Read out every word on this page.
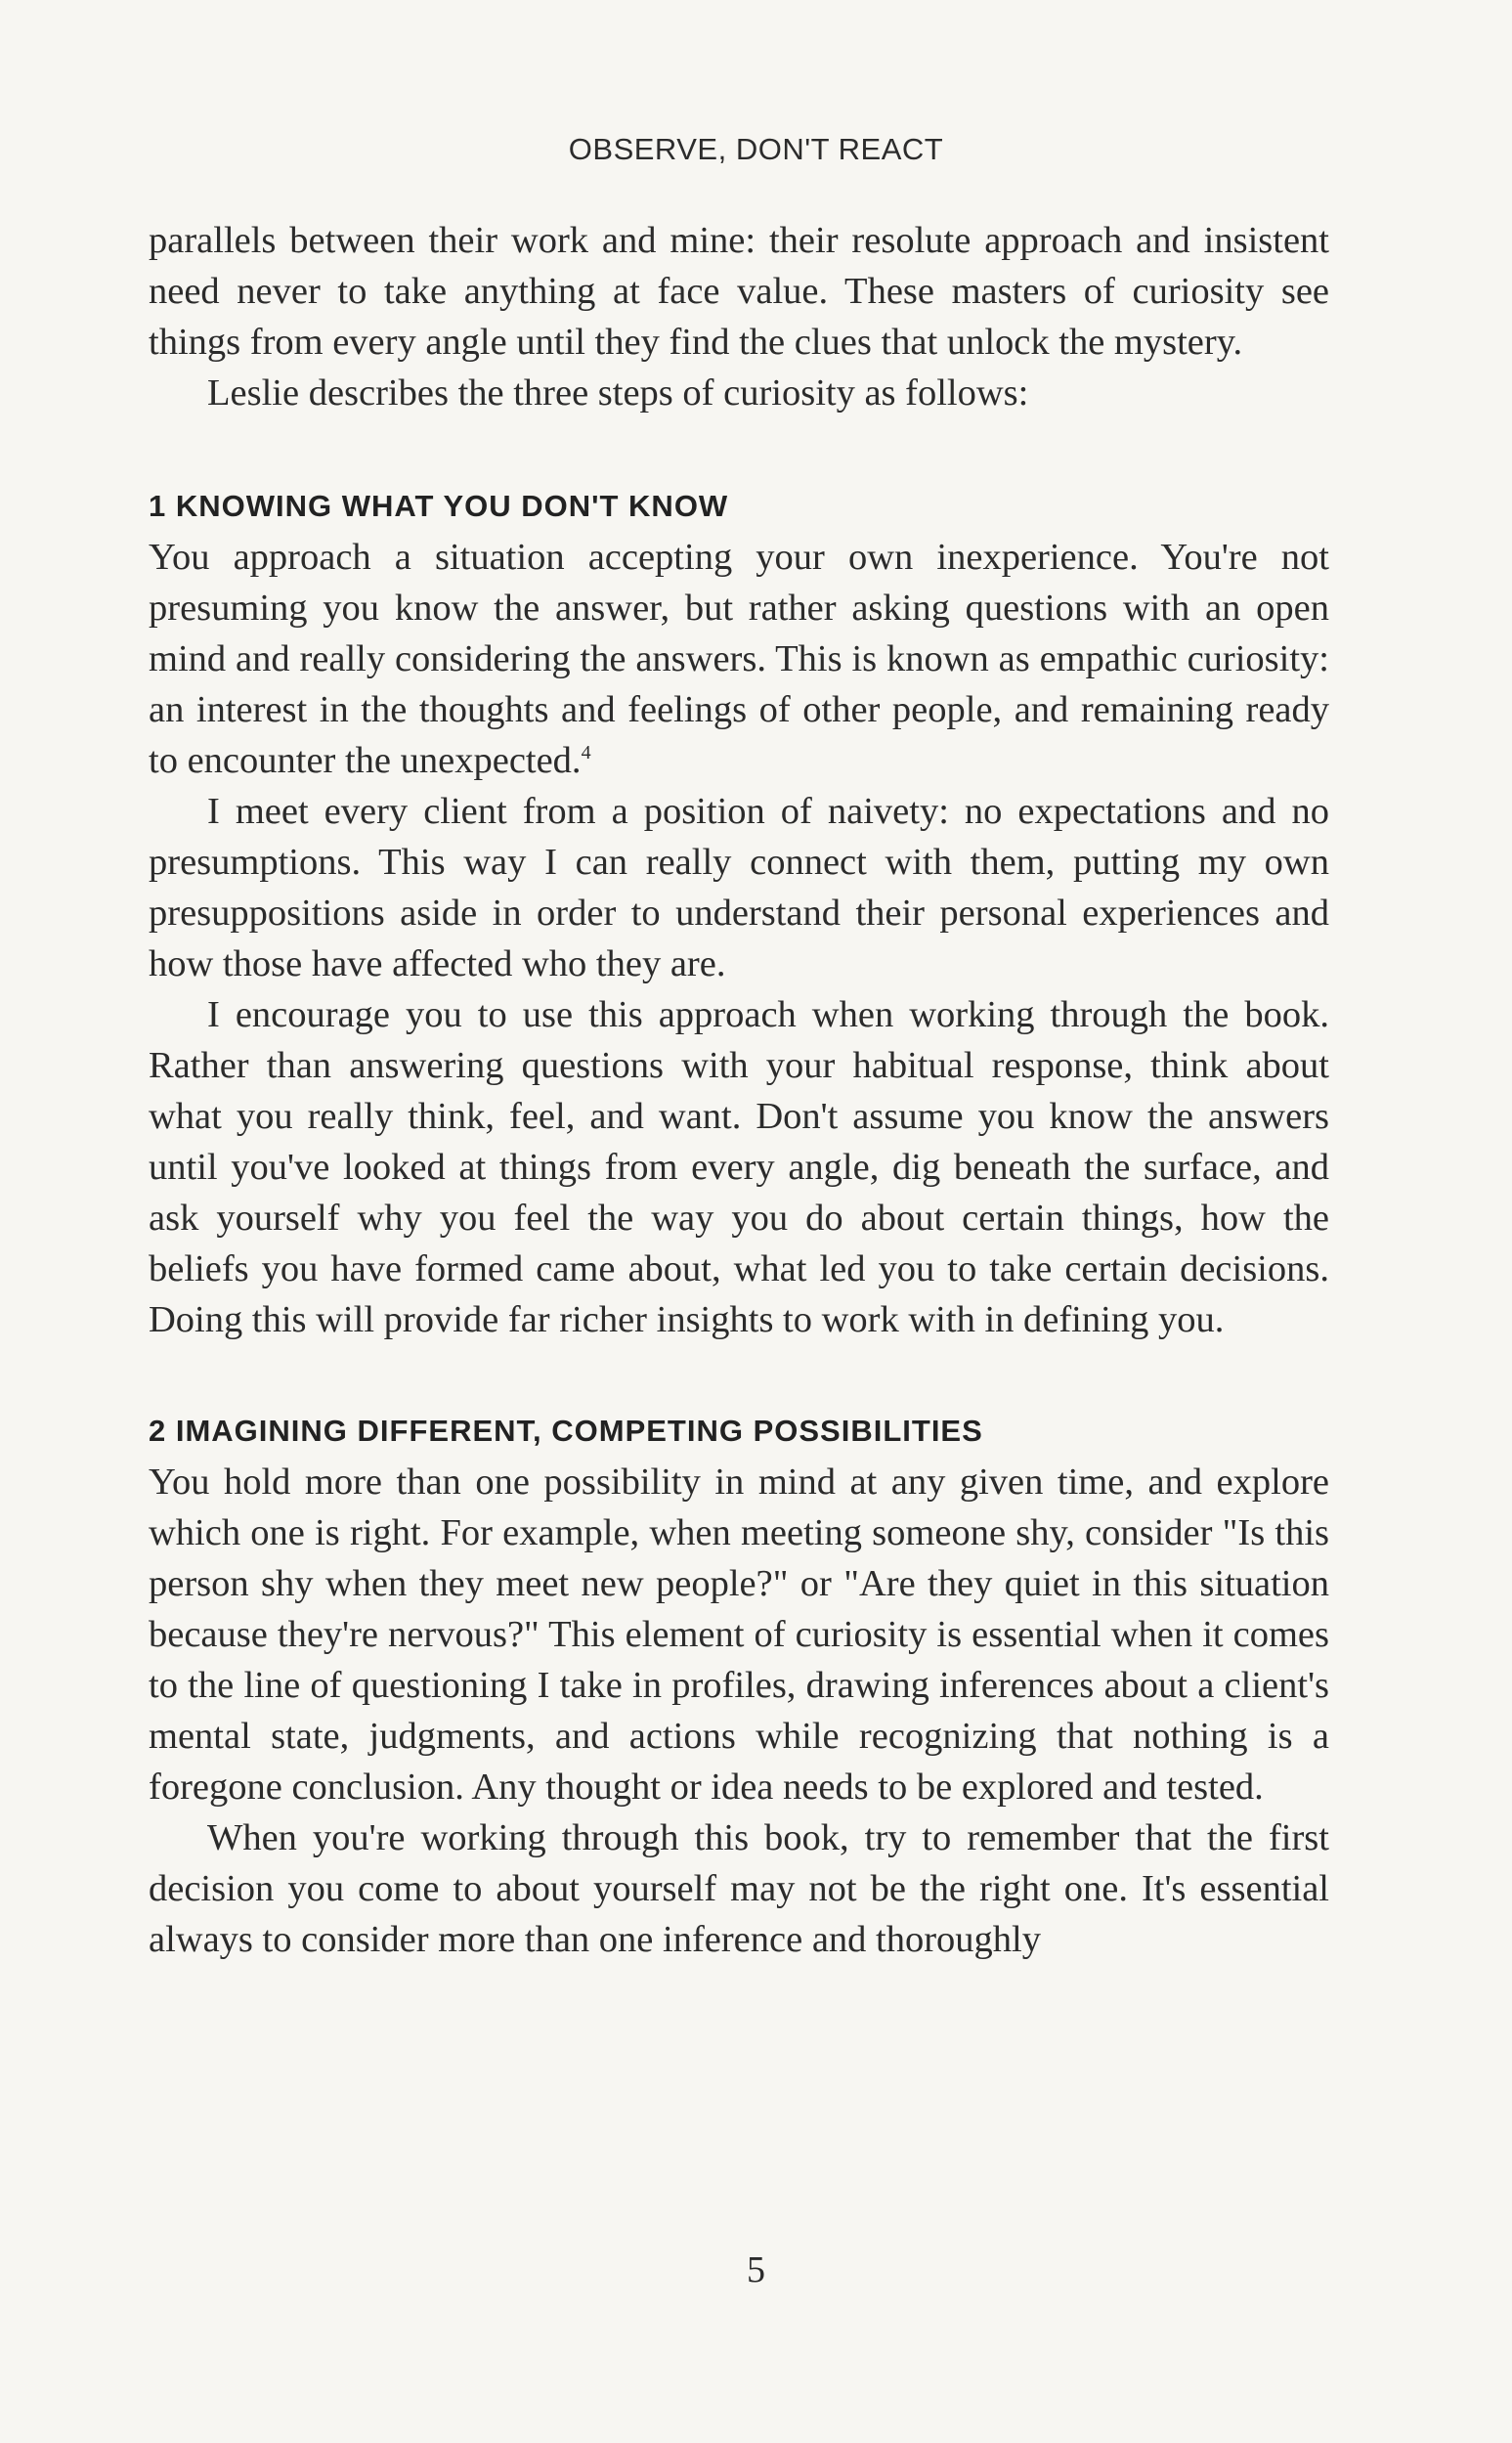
OBSERVE, DON'T REACT

parallels between their work and mine: their resolute approach and insistent need never to take anything at face value. These masters of curiosity see things from every angle until they find the clues that unlock the mystery.

Leslie describes the three steps of curiosity as follows:

1 KNOWING WHAT YOU DON'T KNOW

You approach a situation accepting your own inexperience. You're not presuming you know the answer, but rather asking questions with an open mind and really considering the answers. This is known as empathic curiosity: an interest in the thoughts and feelings of other people, and remaining ready to encounter the unexpected.$^4$

I meet every client from a position of naivety: no expectations and no presumptions. This way I can really connect with them, putting my own presuppositions aside in order to understand their personal experiences and how those have affected who they are.

I encourage you to use this approach when working through the book. Rather than answering questions with your habitual response, think about what you really think, feel, and want. Don't assume you know the answers until you've looked at things from every angle, dig beneath the surface, and ask yourself why you feel the way you do about certain things, how the beliefs you have formed came about, what led you to take certain decisions. Doing this will provide far richer insights to work with in defining you.

2 IMAGINING DIFFERENT, COMPETING POSSIBILITIES

You hold more than one possibility in mind at any given time, and explore which one is right. For example, when meeting someone shy, consider "Is this person shy when they meet new people?" or "Are they quiet in this situation because they're nervous?" This element of curiosity is essential when it comes to the line of questioning I take in profiles, drawing inferences about a client's mental state, judgments, and actions while recognizing that nothing is a foregone conclusion. Any thought or idea needs to be explored and tested.

When you're working through this book, try to remember that the first decision you come to about yourself may not be the right one. It's essential always to consider more than one inference and thoroughly

5
